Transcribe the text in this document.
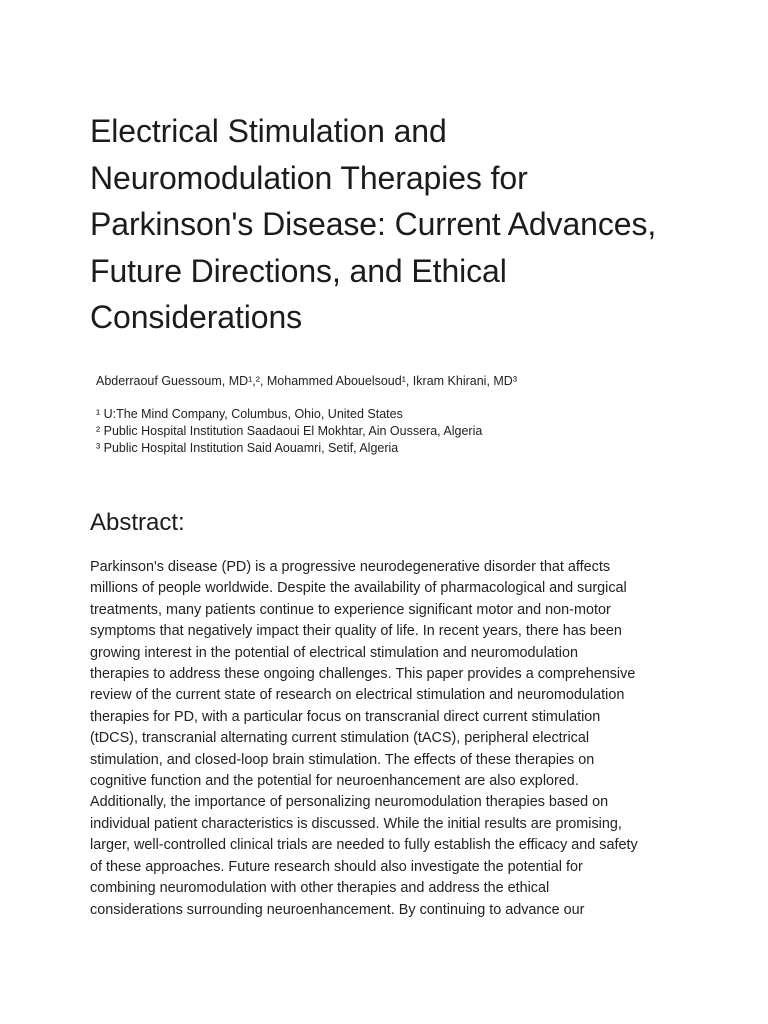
Electrical Stimulation and
Neuromodulation Therapies for
Parkinson's Disease: Current Advances,
Future Directions, and Ethical
Considerations

Abderraouf Guessoum, MD¹,², Mohammed Abouelsoud¹, Ikram Khirani, MD³

¹ U:The Mind Company, Columbus, Ohio, United States
² Public Hospital Institution Saadaoui El Mokhtar, Ain Oussera, Algeria
³ Public Hospital Institution Said Aouamri, Setif, Algeria
Abstract:

Parkinson's disease (PD) is a progressive neurodegenerative disorder that affects
millions of people worldwide. Despite the availability of pharmacological and surgical
treatments, many patients continue to experience significant motor and non-motor
symptoms that negatively impact their quality of life. In recent years, there has been
growing interest in the potential of electrical stimulation and neuromodulation
therapies to address these ongoing challenges. This paper provides a comprehensive
review of the current state of research on electrical stimulation and neuromodulation
therapies for PD, with a particular focus on transcranial direct current stimulation
(tDCS), transcranial alternating current stimulation (tACS), peripheral electrical
stimulation, and closed-loop brain stimulation. The effects of these therapies on
cognitive function and the potential for neuroenhancement are also explored.
Additionally, the importance of personalizing neuromodulation therapies based on
individual patient characteristics is discussed. While the initial results are promising,
larger, well-controlled clinical trials are needed to fully establish the efficacy and safety
of these approaches. Future research should also investigate the potential for
combining neuromodulation with other therapies and address the ethical
considerations surrounding neuroenhancement. By continuing to advance our
